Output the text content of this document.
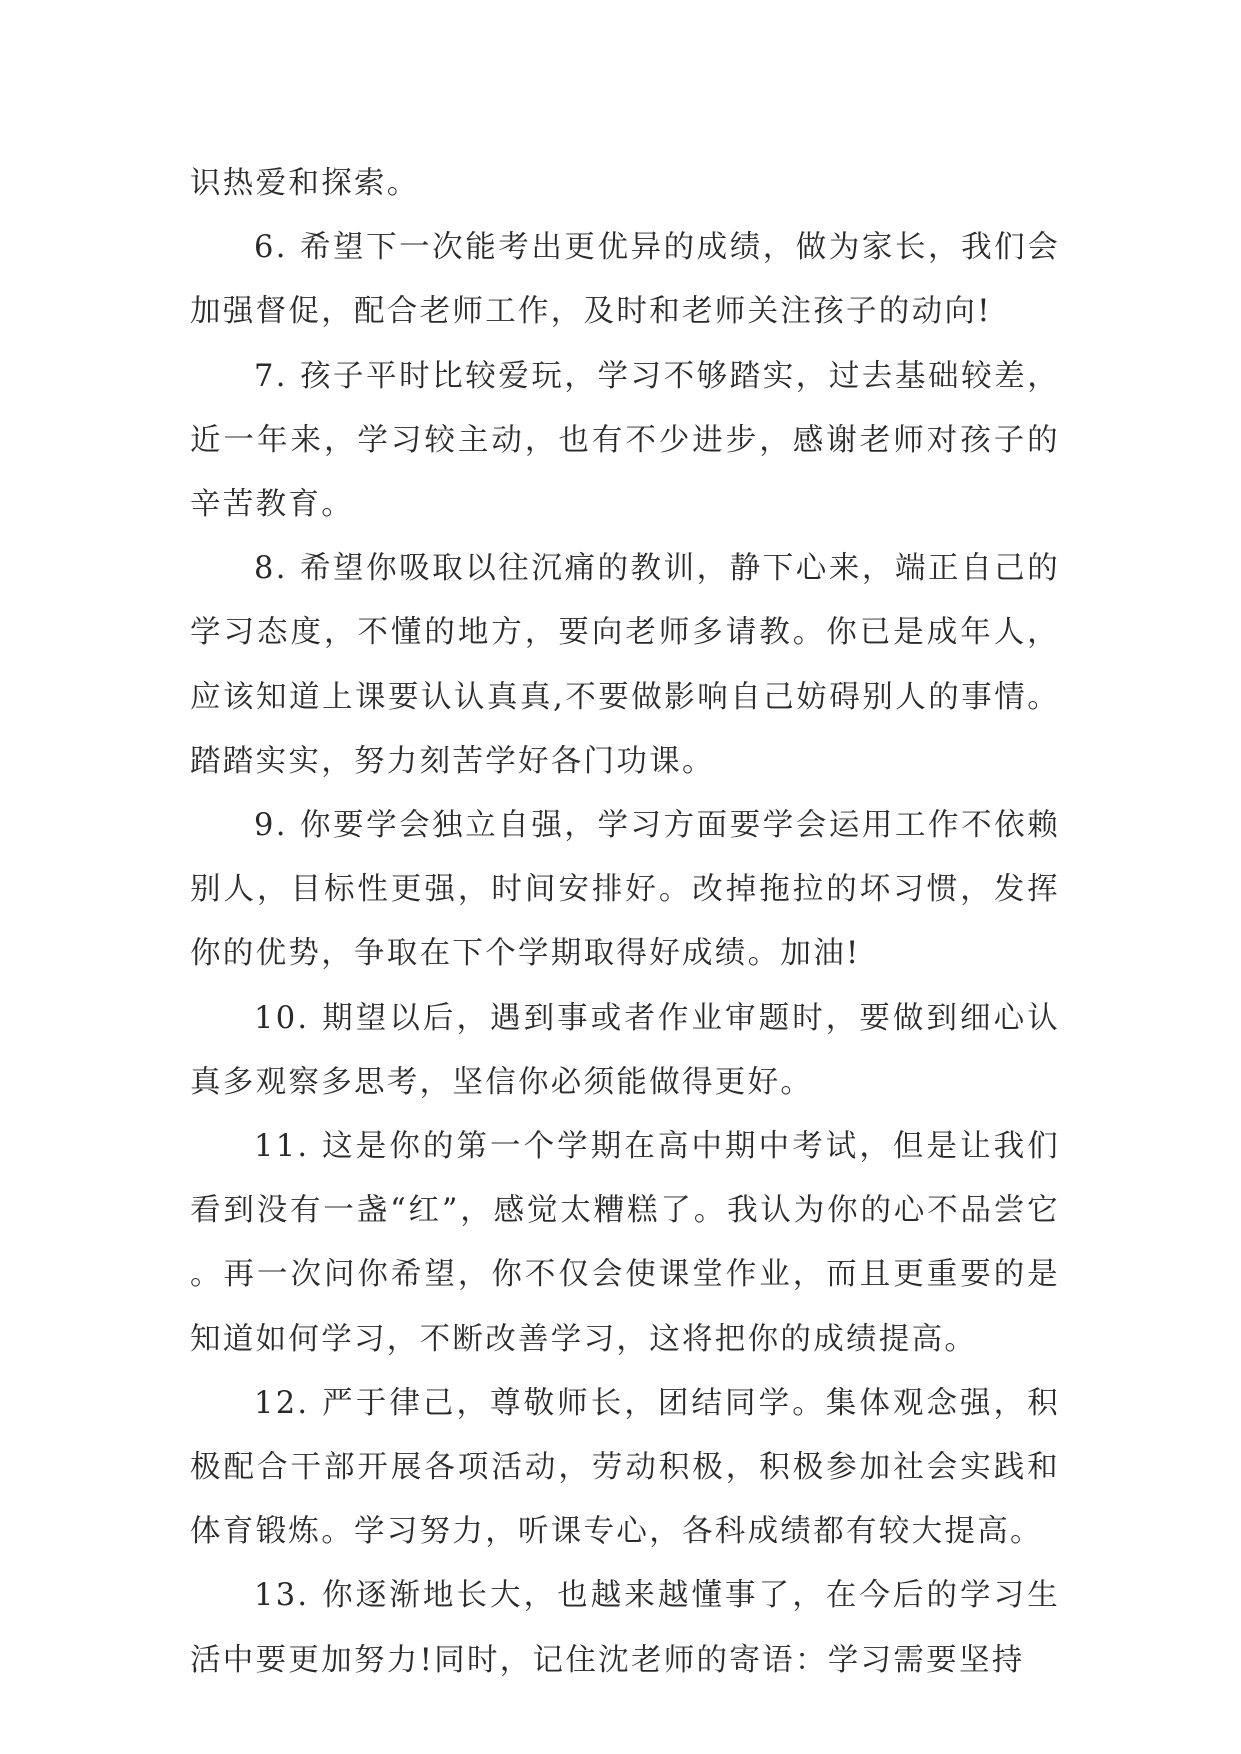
识热爱和探索。

6. 希望下一次能考出更优异的成绩，做为家长，我们会加强督促，配合老师工作，及时和老师关注孩子的动向!

7. 孩子平时比较爱玩，学习不够踏实，过去基础较差，近一年来，学习较主动，也有不少进步，感谢老师对孩子的辛苦教育。

8. 希望你吸取以往沉痛的教训，静下心来，端正自己的学习态度，不懂的地方，要向老师多请教。你已是成年人，应该知道上课要认认真真,不要做影响自己妨碍别人的事情。踏踏实实，努力刻苦学好各门功课。

9. 你要学会独立自强，学习方面要学会运用工作不依赖别人，目标性更强，时间安排好。改掉拖拉的坏习惯，发挥你的优势，争取在下个学期取得好成绩。加油!

10. 期望以后，遇到事或者作业审题时，要做到细心认真多观察多思考，坚信你必须能做得更好。

11. 这是你的第一个学期在高中期中考试，但是让我们看到没有一盏“红”，感觉太糟糕了。我认为你的心不品尝它。再一次问你希望，你不仅会使课堂作业，而且更重要的是知道如何学习，不断改善学习，这将把你的成绩提高。

12. 严于律己，尊敬师长，团结同学。集体观念强，积极配合干部开展各项活动，劳动积极，积极参加社会实践和体育锻炼。学习努力，听课专心，各科成绩都有较大提高。

13. 你逐渐地长大，也越来越懂事了，在今后的学习生活中要更加努力!同时，记住沈老师的寄语：学习需要坚持
